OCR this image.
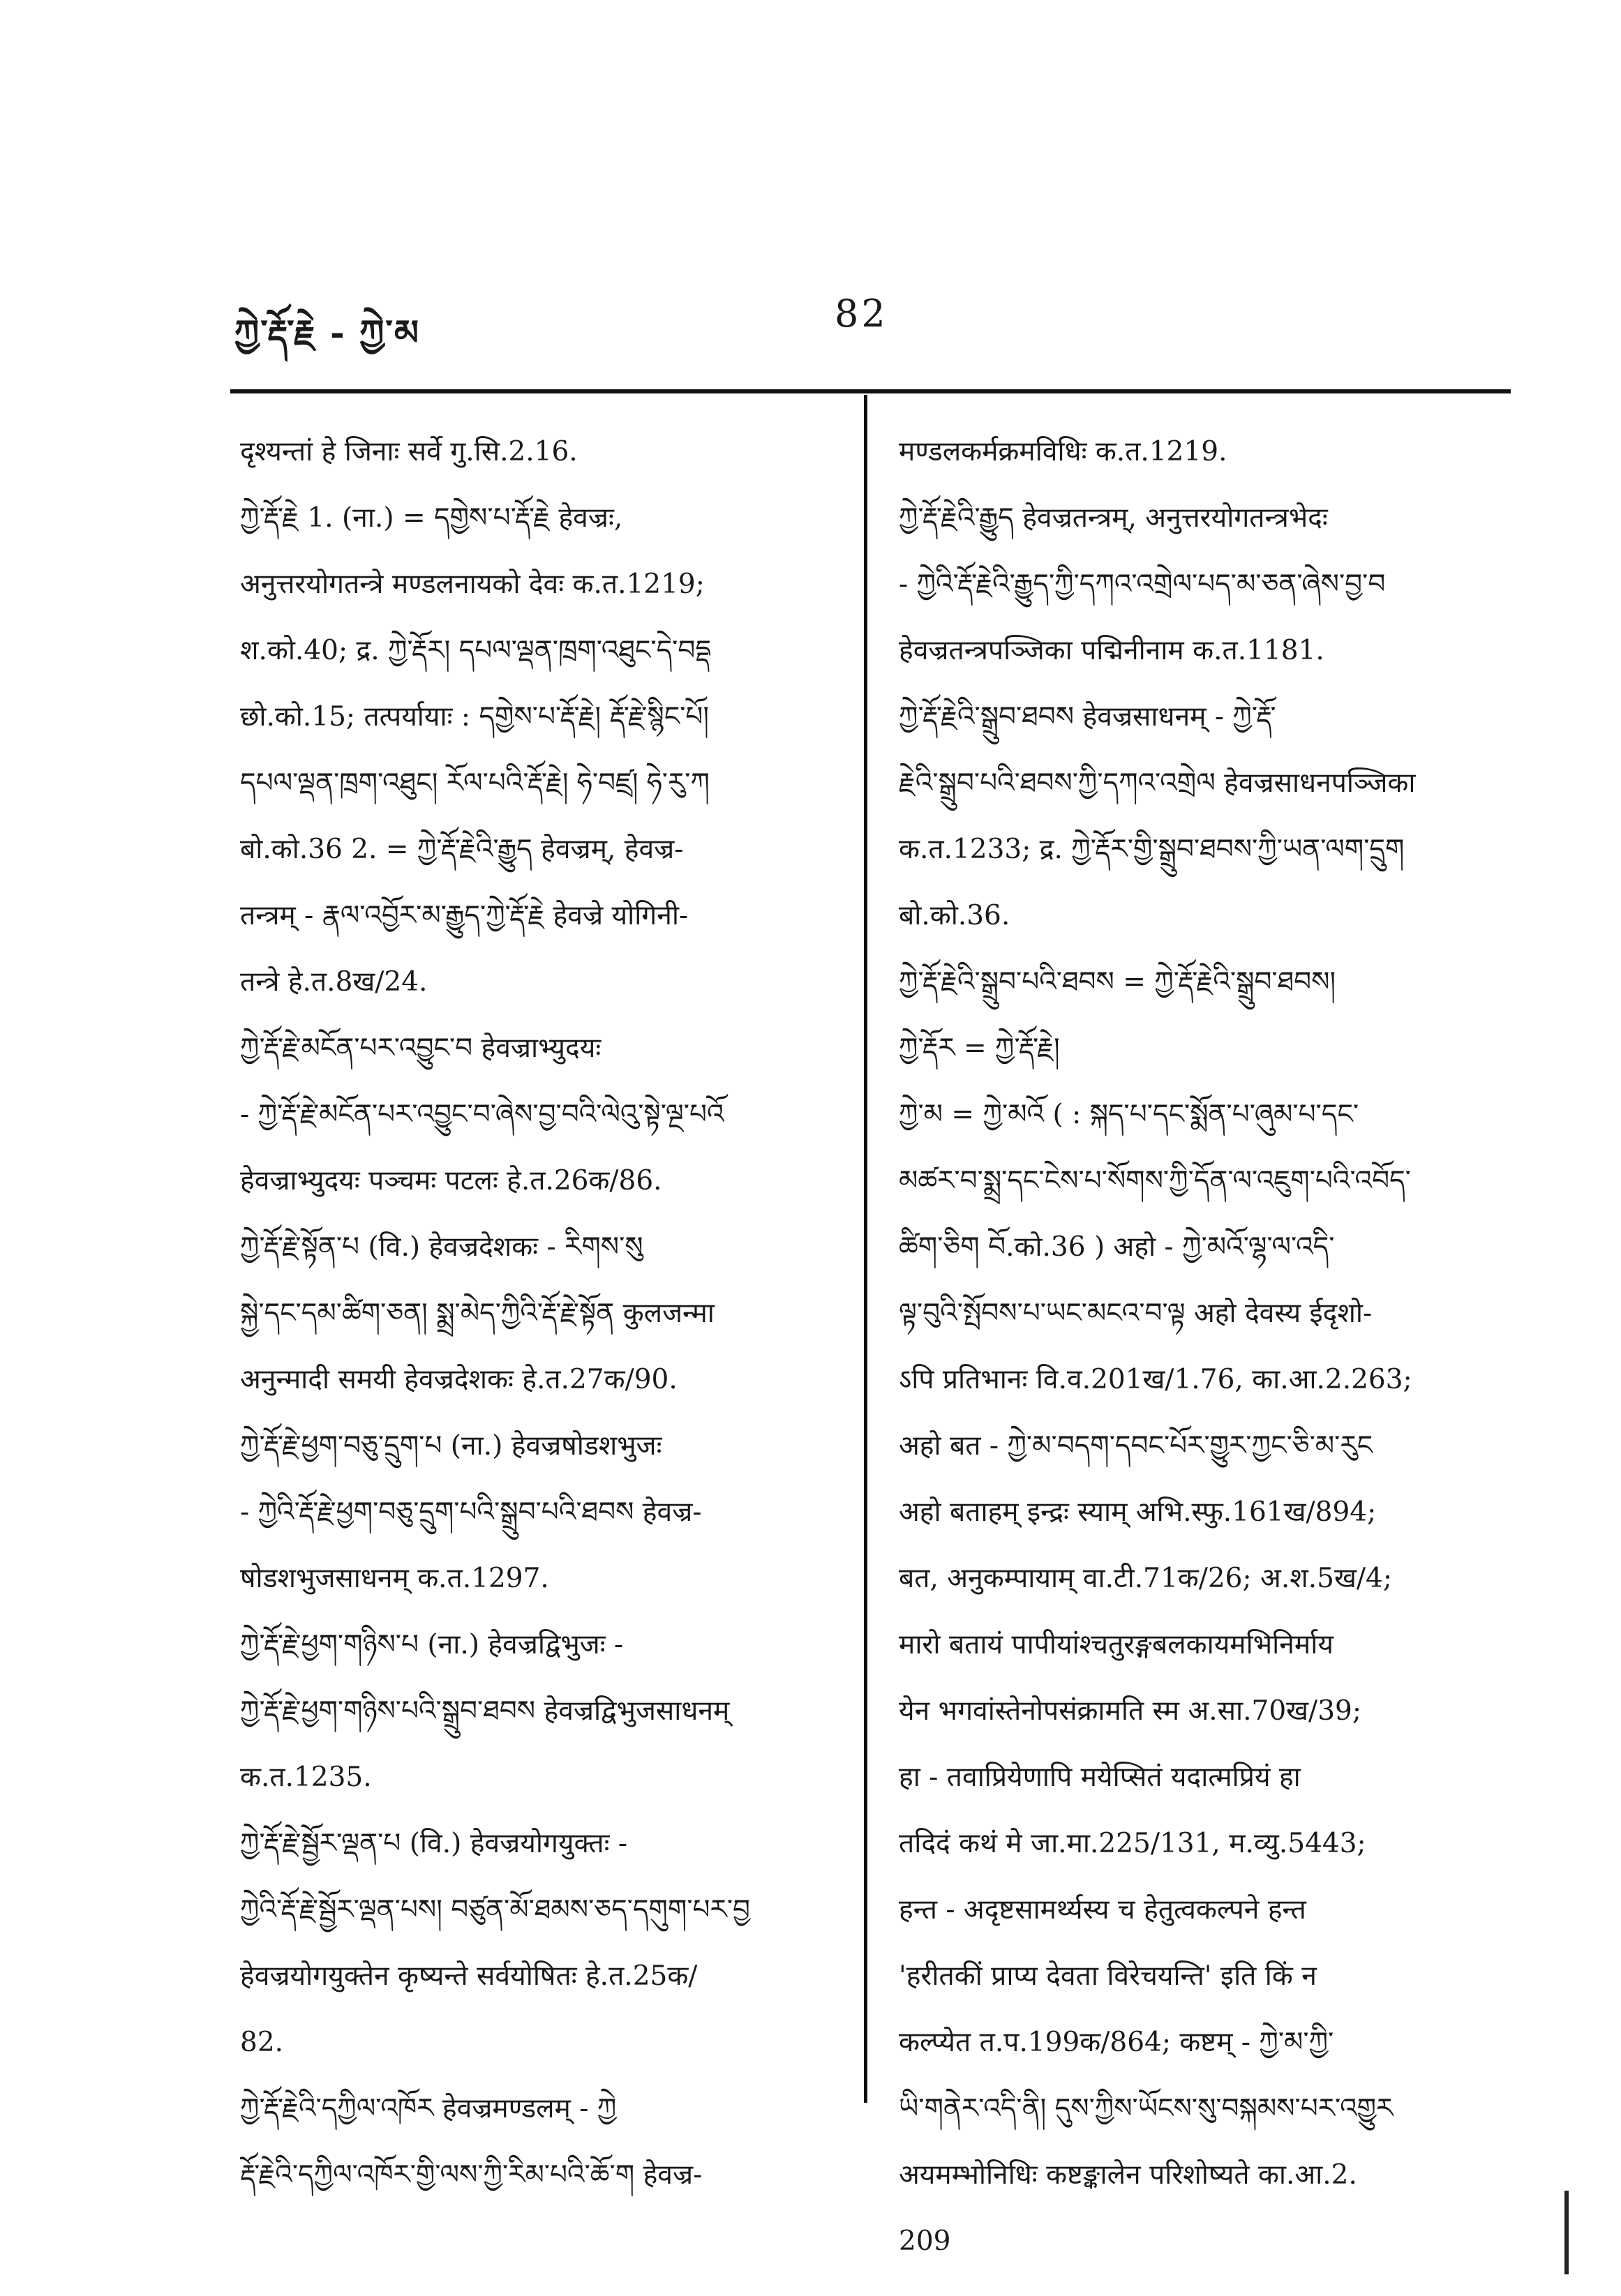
ཀྱེ་རྡོ་རྗེ - ཀྱེ་མ	82
दृश्यन्तां हे जिनाः सर्वे गु.सि.2.16.
ཀྱེ་རྡོ་རྗེ 1. (ना.) = དགྱེས་པ་རྡོ་རྗེ हेवज्रः,
अनुत्तरयोगतन्त्रे मण्डलनायको देवः क.त.1219;
श.को.40; द्र. ཀྱེ་རྡོར། དཔལ་ལྡན་ཁྲག་འཐུང་དེ་བདྡ
छो.को.15; तत्पर्यायाः : དགྱེས་པ་རྡོ་རྗེ། རྡོ་རྗེ་སྙིང་པོ།
དཔལ་ལྡན་ཁྲག་འཐུང། རོལ་པའི་རྡོ་རྗེ། ཧེ་བཛྲ། ཧེ་རུ་ཀ
बो.को.36 2. = ཀྱེ་རྡོ་རྗེའི་རྒྱུད हेवज्रम्, हेवज्र-
तन्त्रम् - རྣལ་འབྱོར་མ་རྒྱུད་ཀྱེ་རྡོ་རྗེ हेवज्रे योगिनी-
तन्त्रे हे.त.8ख/24.
ཀྱེ་རྡོ་རྗེ་མངོན་པར་འབྱུང་བ हेवज्राभ्युदयः
- ཀྱེ་རྡོ་རྗེ་མངོན་པར་འབྱུང་བ་ཞེས་བྱ་བའི་ལེའུ་སྟེ་ལྔ་པའོ
हेवज्राभ्युदयः पञ्चमः पटलः हे.त.26क/86.
ཀྱེ་རྡོ་རྗེ་སྟོན་པ (वि.) हेवज्रदेशकः - རིགས་སུ
སྐྱེ་དང་དམ་ཚིག་ཅན། སྨྲ་མེད་ཀྱིའི་རྡོ་རྗེ་སྟོན कुलजन्मा
अनुन्मादी समयी हेवज्रदेशकः हे.त.27क/90.
ཀྱེ་རྡོ་རྗེ་ཕྱག་བཅུ་དྲུག་པ (ना.) हेवज्रषोडशभुजः
- ཀྱེའི་རྡོ་རྗེ་ཕྱག་བཅུ་དྲུག་པའི་སྒྲུབ་པའི་ཐབས हेवज्र-
षोडशभुजसाधनम् क.त.1297.
ཀྱེ་རྡོ་རྗེ་ཕྱག་གཉིས་པ (ना.) हेवज्रद्विभुजः -
ཀྱེ་རྡོ་རྗེ་ཕྱག་གཉིས་པའི་སྒྲུབ་ཐབས हेवज्रद्विभुजसाधनम्
क.त.1235.
ཀྱེ་རྡོ་རྗེ་སྦྱོར་ལྡན་པ (वि.) हेवज्रयोगयुक्तः -
ཀྱེའི་རྡོ་རྗེ་སྦྱོར་ལྡན་པས། བཙུན་མོ་ཐམས་ཅད་དགུག་པར་བྱ
हेवज्रयोगयुक्तेन कृष्यन्ते सर्वयोषितः हे.त.25क/
82.
ཀྱེ་རྡོ་རྗེའི་དཀྱིལ་འཁོར हेवज्रमण्डलम् - ཀྱེ
རྡོ་རྗེའི་དཀྱིལ་འཁོར་གྱི་ལས་ཀྱི་རིམ་པའི་ཆོ་ག हेवज्र-
मण्डलकर्मक्रमविधिः क.त.1219.
ཀྱེ་རྡོ་རྗེའི་རྒྱུད हेवज्रतन्त्रम्, अनुत्तरयोगतन्त्रभेदः
- ཀྱེའི་རྡོ་རྗེའི་རྒྱུད་ཀྱི་དཀའ་འགྲེལ་པད་མ་ཅན་ཞེས་བྱ་བ
हेवज्रतन्त्रपञ्जिका पद्मिनीनाम क.त.1181.
ཀྱེ་རྡོ་རྗེའི་སྒྲུབ་ཐབས हेवज्रसाधनम् - ཀྱེ་རྡོ་
རྗེའི་སྒྲུབ་པའི་ཐབས་ཀྱི་དཀའ་འགྲེལ हेवज्रसाधनपञ्जिका
क.त.1233; द्र. ཀྱེ་རྡོར་གྱི་སྒྲུབ་ཐབས་ཀྱི་ཡན་ལག་དྲུག
बो.को.36.
ཀྱེ་རྡོ་རྗེའི་སྒྲུབ་པའི་ཐབས = ཀྱེ་རྡོ་རྗེའི་སྒྲུབ་ཐབས།
ཀྱེ་རྡོར = ཀྱེ་རྡོ་རྗེ།
ཀྱེ་མ = ཀྱེ་མའོ ( : སྐད་པ་དང་སྨོན་པ་ཞུམ་པ་དང་
མཚར་བ་སྨྲ་དང་ངེས་པ་སོགས་ཀྱི་དོན་ལ་འཇུག་པའི་འབོད་
ཚིག་ཅིག བོ.को.36 ) अहो - ཀྱེ་མའོ་ལྷ་ལ་འདི་
ལྟ་བུའི་སྤོབས་པ་ཡང་མངའ་བ་ལྟ अहो देवस्य ईदृशो-
ऽपि प्रतिभानः वि.व.201ख/1.76, का.आ.2.263;
अहो बत - ཀྱེ་མ་བདག་དབང་པོར་གྱུར་ཀྱང་ཅི་མ་རུང
अहो बताहम् इन्द्रः स्याम् अभि.स्फु.161ख/894;
बत, अनुकम्पायाम् वा.टी.71क/26; अ.श.5ख/4;
मारो बतायं पापीयांश्चतुरङ्गबलकायमभिनिर्माय
येन भगवांस्तेनोपसंक्रामति स्म अ.सा.70ख/39;
हा - तवाप्रियेणापि मयेप्सितं यदात्मप्रियं हा
तदिदं कथं मे जा.मा.225/131, म.व्यु.5443;
हन्त - अदृष्टसामर्थ्यस्य च हेतुत्वकल्पने हन्त
'हरीतकीं प्राप्य देवता विरेचयन्ति' इति किं न
कल्प्येत त.प.199क/864; कष्टम् - ཀྱེ་མ་ཀྱི་
ཡི་གནེར་འདི་ནི། དུས་ཀྱིས་ཡོངས་སུ་བསྐམས་པར་འགྱུར
अयमम्भोनिधिः कष्टङ्कालेन परिशोष्यते का.आ.2.
209
